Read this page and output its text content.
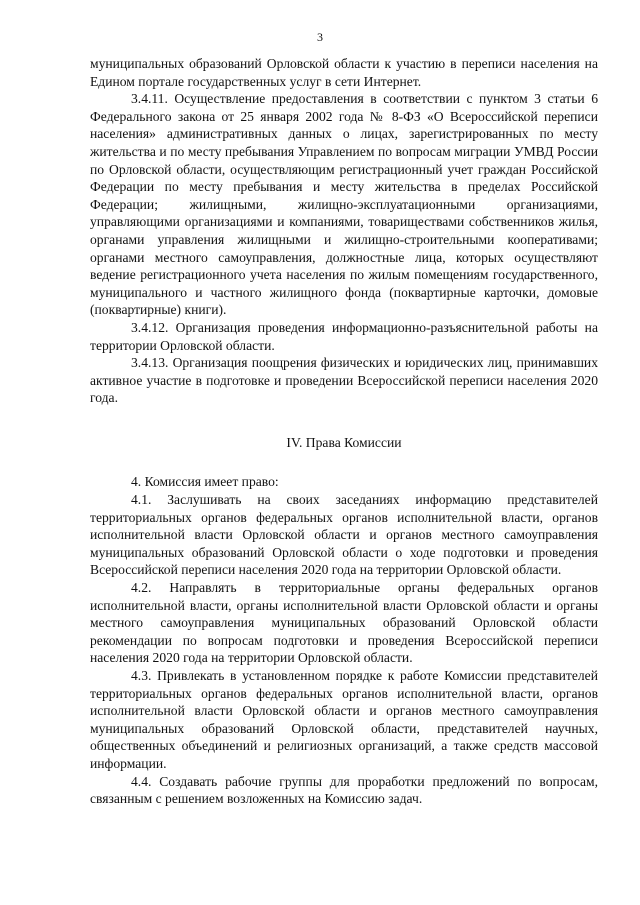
3

муниципальных образований Орловской области к участию в переписи населения на Едином портале государственных услуг в сети Интернет.

3.4.11. Осуществление предоставления в соответствии с пунктом 3 статьи 6 Федерального закона от 25 января 2002 года № 8-ФЗ «О Всероссийской переписи населения» административных данных о лицах, зарегистрированных по месту жительства и по месту пребывания Управлением по вопросам миграции УМВД России по Орловской области, осуществляющим регистрационный учет граждан Российской Федерации по месту пребывания и месту жительства в пределах Российской Федерации; жилищными, жилищно-эксплуатационными организациями, управляющими организациями и компаниями, товариществами собственников жилья, органами управления жилищными и жилищно-строительными кооперативами; органами местного самоуправления, должностные лица, которых осуществляют ведение регистрационного учета населения по жилым помещениям государственного, муниципального и частного жилищного фонда (поквартирные карточки, домовые (поквартирные) книги).

3.4.12. Организация проведения информационно-разъяснительной работы на территории Орловской области.

3.4.13. Организация поощрения физических и юридических лиц, принимавших активное участие в подготовке и проведении Всероссийской переписи населения 2020 года.

IV. Права Комиссии

4. Комиссия имеет право:

4.1. Заслушивать на своих заседаниях информацию представителей территориальных органов федеральных органов исполнительной власти, органов исполнительной власти Орловской области и органов местного самоуправления муниципальных образований Орловской области о ходе подготовки и проведения Всероссийской переписи населения 2020 года на территории Орловской области.

4.2. Направлять в территориальные органы федеральных органов исполнительной власти, органы исполнительной власти Орловской области и органы местного самоуправления муниципальных образований Орловской области рекомендации по вопросам подготовки и проведения Всероссийской переписи населения 2020 года на территории Орловской области.

4.3. Привлекать в установленном порядке к работе Комиссии представителей территориальных органов федеральных органов исполнительной власти, органов исполнительной власти Орловской области и органов местного самоуправления муниципальных образований Орловской области, представителей научных, общественных объединений и религиозных организаций, а также средств массовой информации.

4.4. Создавать рабочие группы для проработки предложений по вопросам, связанным с решением возложенных на Комиссию задач.
